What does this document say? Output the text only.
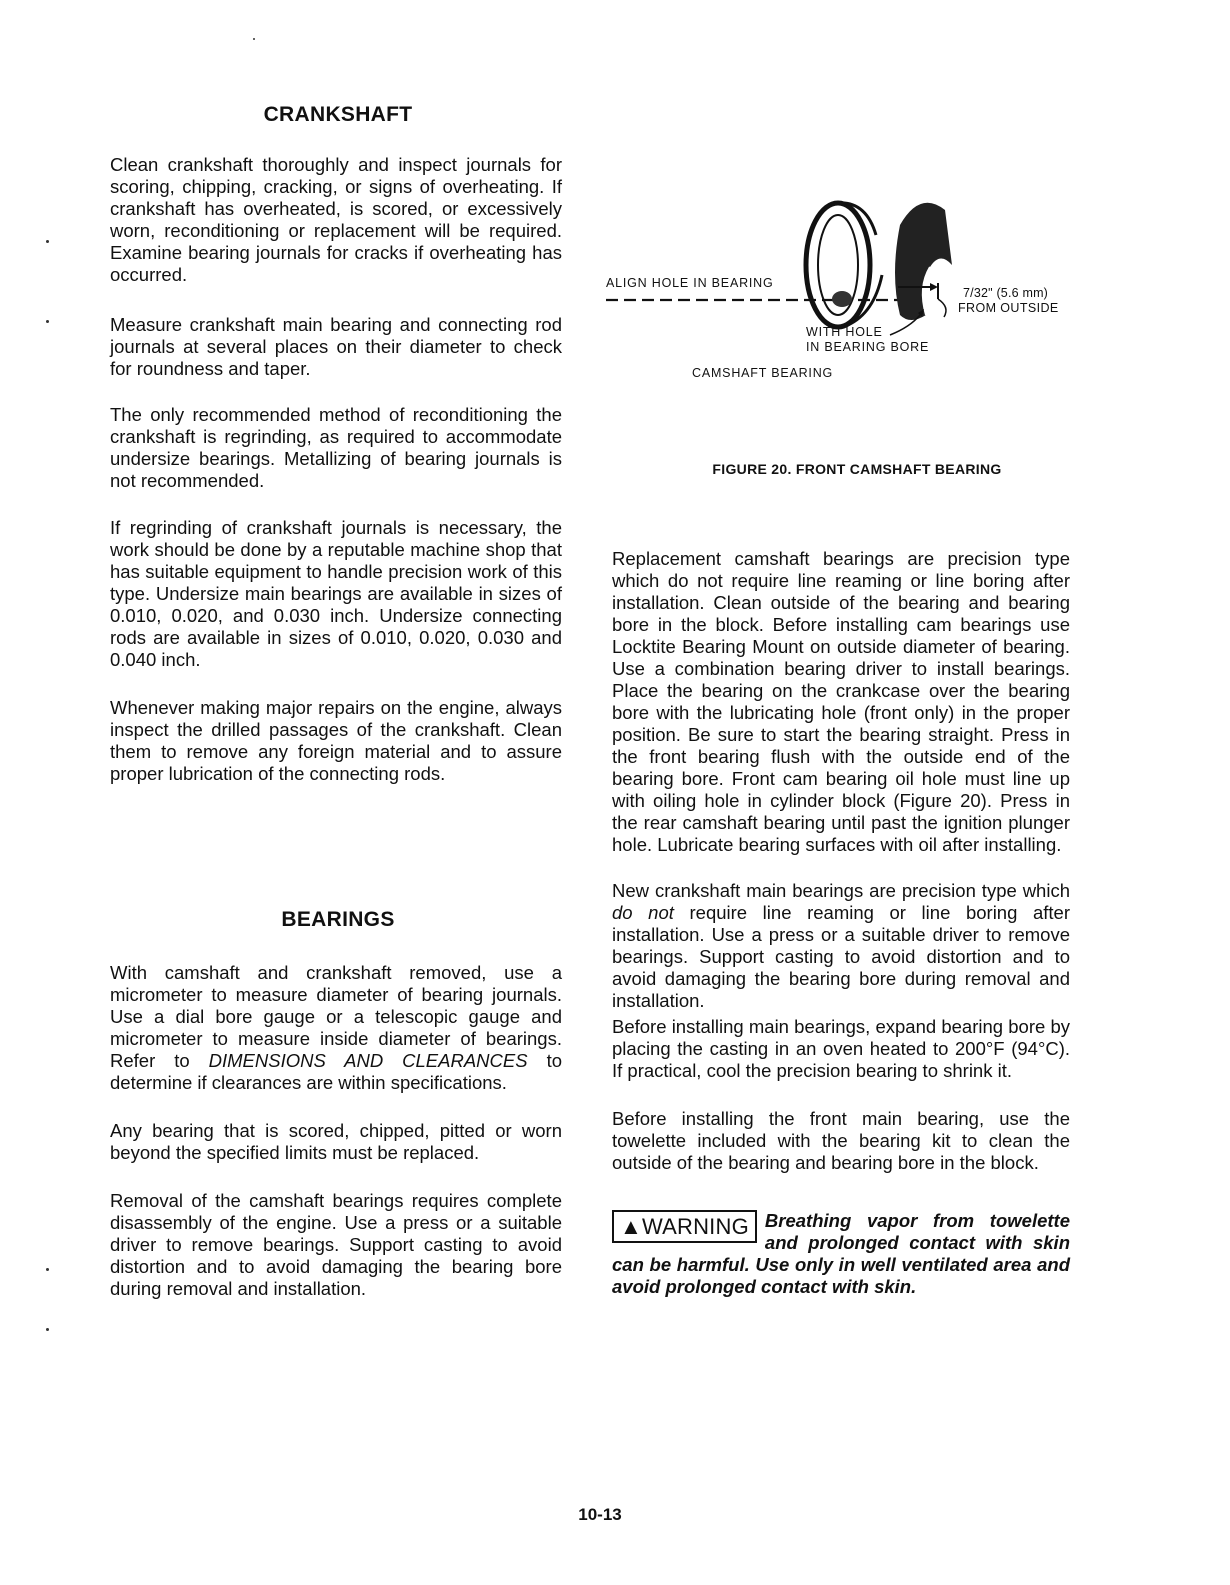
CRANKSHAFT

Clean crankshaft thoroughly and inspect journals for scoring, chipping, cracking, or signs of overheating. If crankshaft has overheated, is scored, or excessively worn, reconditioning or replacement will be required. Examine bearing journals for cracks if overheating has occurred.

Measure crankshaft main bearing and connecting rod journals at several places on their diameter to check for roundness and taper.

The only recommended method of reconditioning the crankshaft is regrinding, as required to accommodate undersize bearings. Metallizing of bearing journals is not recommended.

If regrinding of crankshaft journals is necessary, the work should be done by a reputable machine shop that has suitable equipment to handle precision work of this type. Undersize main bearings are available in sizes of 0.010, 0.020, and 0.030 inch. Undersize connecting rods are available in sizes of 0.010, 0.020, 0.030 and 0.040 inch.

Whenever making major repairs on the engine, always inspect the drilled passages of the crankshaft. Clean them to remove any foreign material and to assure proper lubrication of the connecting rods.

BEARINGS

With camshaft and crankshaft removed, use a micrometer to measure diameter of bearing journals. Use a dial bore gauge or a telescopic gauge and micrometer to measure inside diameter of bearings. Refer to DIMENSIONS AND CLEARANCES to determine if clearances are within specifications.

Any bearing that is scored, chipped, pitted or worn beyond the specified limits must be replaced.

Removal of the camshaft bearings requires complete disassembly of the engine. Use a press or a suitable driver to remove bearings. Support casting to avoid distortion and to avoid damaging the bearing bore during removal and installation.

ALIGN HOLE IN BEARING
WITH HOLE
IN BEARING BORE
CAMSHAFT BEARING
7/32" (5.6 mm)
FROM OUTSIDE
FIGURE 20. FRONT CAMSHAFT BEARING

Replacement camshaft bearings are precision type which do not require line reaming or line boring after installation. Clean outside of the bearing and bearing bore in the block. Before installing cam bearings use Locktite Bearing Mount on outside diameter of bearing. Use a combination bearing driver to install bearings. Place the bearing on the crankcase over the bearing bore with the lubricating hole (front only) in the proper position. Be sure to start the bearing straight. Press in the front bearing flush with the outside end of the bearing bore. Front cam bearing oil hole must line up with oiling hole in cylinder block (Figure 20). Press in the rear camshaft bearing until past the ignition plunger hole. Lubricate bearing surfaces with oil after installing.

New crankshaft main bearings are precision type which do not require line reaming or line boring after installation. Use a press or a suitable driver to remove bearings. Support casting to avoid distortion and to avoid damaging the bearing bore during removal and installation.

Before installing main bearings, expand bearing bore by placing the casting in an oven heated to 200°F (94°C). If practical, cool the precision bearing to shrink it.

Before installing the front main bearing, use the towelette included with the bearing kit to clean the outside of the bearing and bearing bore in the block.

▲WARNING Breathing vapor from towelette and prolonged contact with skin can be harmful. Use only in well ventilated area and avoid prolonged contact with skin.

10-13
